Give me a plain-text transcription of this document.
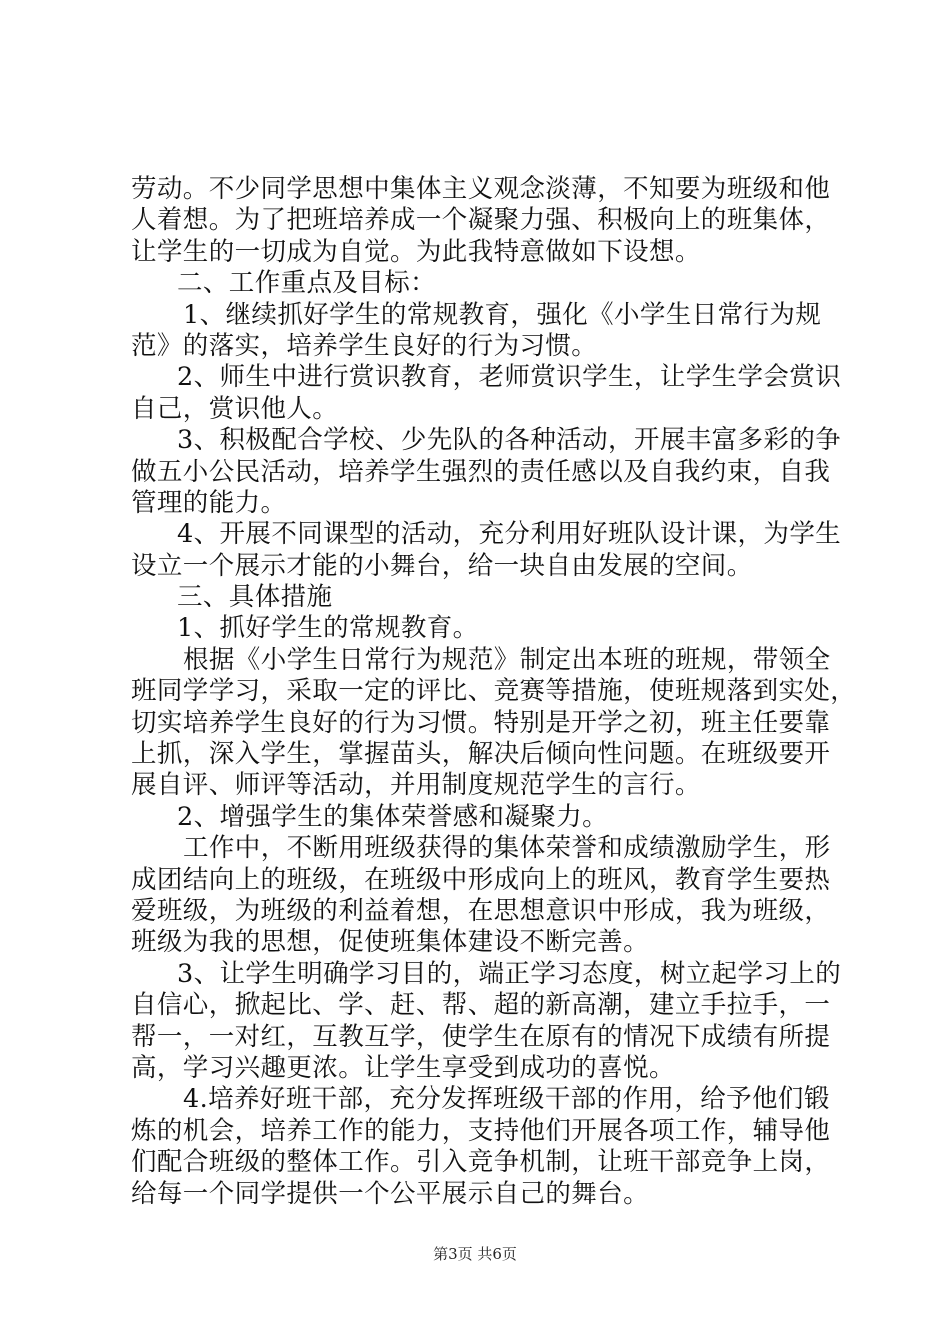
劳动。不少同学思想中集体主义观念淡薄，不知要为班级和他
人着想。为了把班培养成一个凝聚力强、积极向上的班集体，
让学生的一切成为自觉。为此我特意做如下设想。
二、工作重点及目标：
1、继续抓好学生的常规教育，强化《小学生日常行为规
范》的落实，培养学生良好的行为习惯。
2、师生中进行赏识教育，老师赏识学生，让学生学会赏识
自己，赏识他人。
3、积极配合学校、少先队的各种活动，开展丰富多彩的争
做五小公民活动，培养学生强烈的责任感以及自我约束，自我
管理的能力。
4、开展不同课型的活动，充分利用好班队设计课，为学生
设立一个展示才能的小舞台，给一块自由发展的空间。
三、具体措施
1、抓好学生的常规教育。
根据《小学生日常行为规范》制定出本班的班规，带领全
班同学学习，采取一定的评比、竞赛等措施，使班规落到实处，
切实培养学生良好的行为习惯。特别是开学之初，班主任要靠
上抓，深入学生，掌握苗头，解决后倾向性问题。在班级要开
展自评、师评等活动，并用制度规范学生的言行。
2、增强学生的集体荣誉感和凝聚力。
工作中，不断用班级获得的集体荣誉和成绩激励学生，形
成团结向上的班级，在班级中形成向上的班风，教育学生要热
爱班级，为班级的利益着想，在思想意识中形成，我为班级，
班级为我的思想，促使班集体建设不断完善。
3、让学生明确学习目的，端正学习态度，树立起学习上的
自信心，掀起比、学、赶、帮、超的新高潮，建立手拉手，一
帮一，一对红，互教互学，使学生在原有的情况下成绩有所提
高，学习兴趣更浓。让学生享受到成功的喜悦。
4.培养好班干部，充分发挥班级干部的作用，给予他们锻
炼的机会，培养工作的能力，支持他们开展各项工作，辅导他
们配合班级的整体工作。引入竞争机制，让班干部竞争上岗，
给每一个同学提供一个公平展示自己的舞台。
第3页 共6页
